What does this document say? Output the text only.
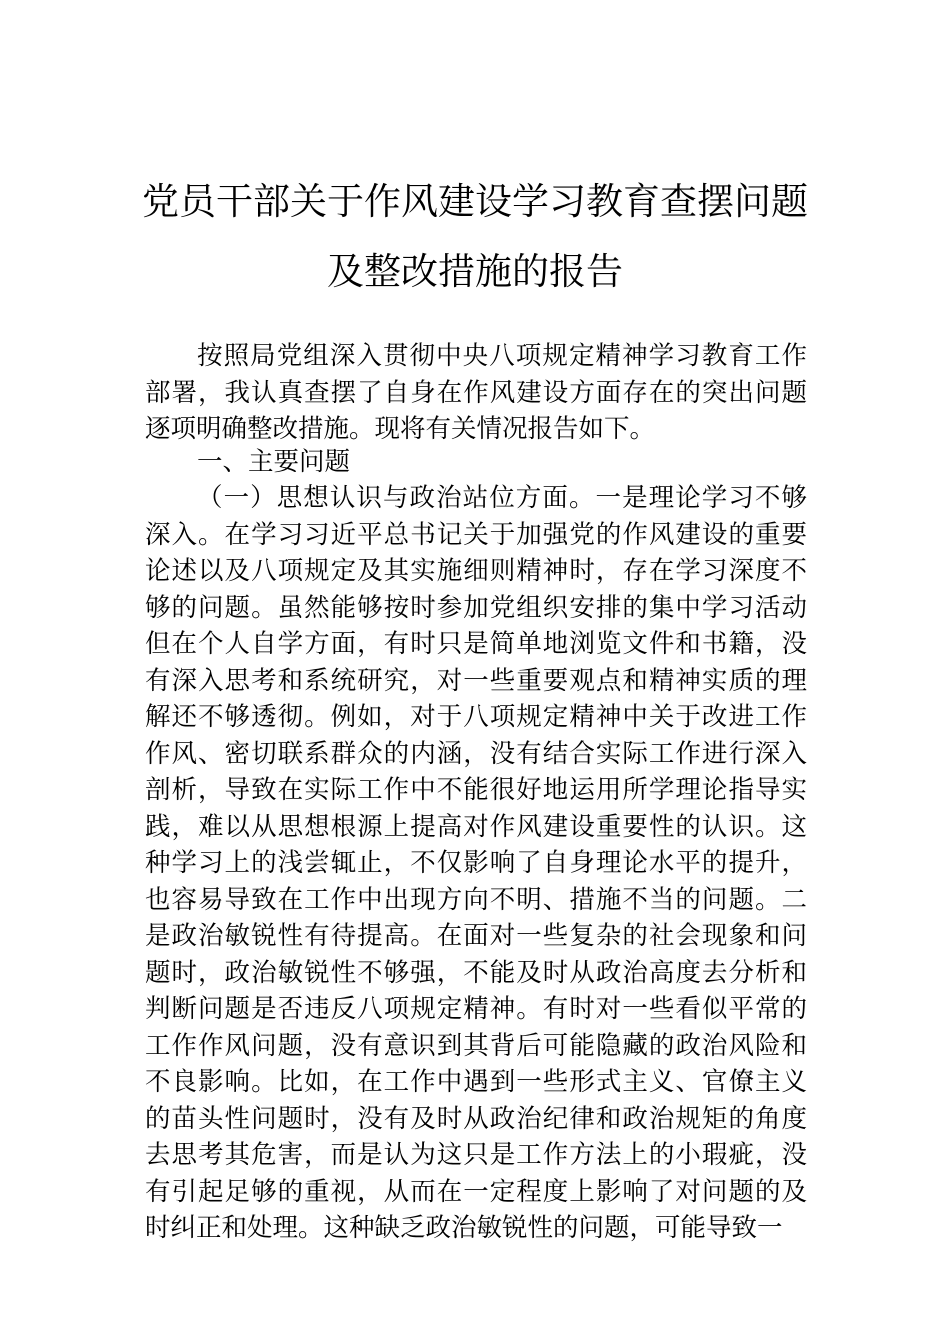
党员干部关于作风建设学习教育查摆问题
及整改措施的报告
按照局党组深入贯彻中央八项规定精神学习教育工作部署，我认真查摆了自身在作风建设方面存在的突出问题逐项明确整改措施。现将有关情况报告如下。
一、主要问题
（一）思想认识与政治站位方面。一是理论学习不够深入。在学习习近平总书记关于加强党的作风建设的重要论述以及八项规定及其实施细则精神时，存在学习深度不够的问题。虽然能够按时参加党组织安排的集中学习活动但在个人自学方面，有时只是简单地浏览文件和书籍，没有深入思考和系统研究，对一些重要观点和精神实质的理解还不够透彻。例如，对于八项规定精神中关于改进工作作风、密切联系群众的内涵，没有结合实际工作进行深入剖析，导致在实际工作中不能很好地运用所学理论指导实践，难以从思想根源上提高对作风建设重要性的认识。这种学习上的浅尝辄止，不仅影响了自身理论水平的提升，也容易导致在工作中出现方向不明、措施不当的问题。二是政治敏锐性有待提高。在面对一些复杂的社会现象和问题时，政治敏锐性不够强，不能及时从政治高度去分析和判断问题是否违反八项规定精神。有时对一些看似平常的工作作风问题，没有意识到其背后可能隐藏的政治风险和不良影响。比如，在工作中遇到一些形式主义、官僚主义的苗头性问题时，没有及时从政治纪律和政治规矩的角度去思考其危害，而是认为这只是工作方法上的小瑕疵，没有引起足够的重视，从而在一定程度上影响了对问题的及时纠正和处理。这种缺乏政治敏锐性的问题，可能导致一
